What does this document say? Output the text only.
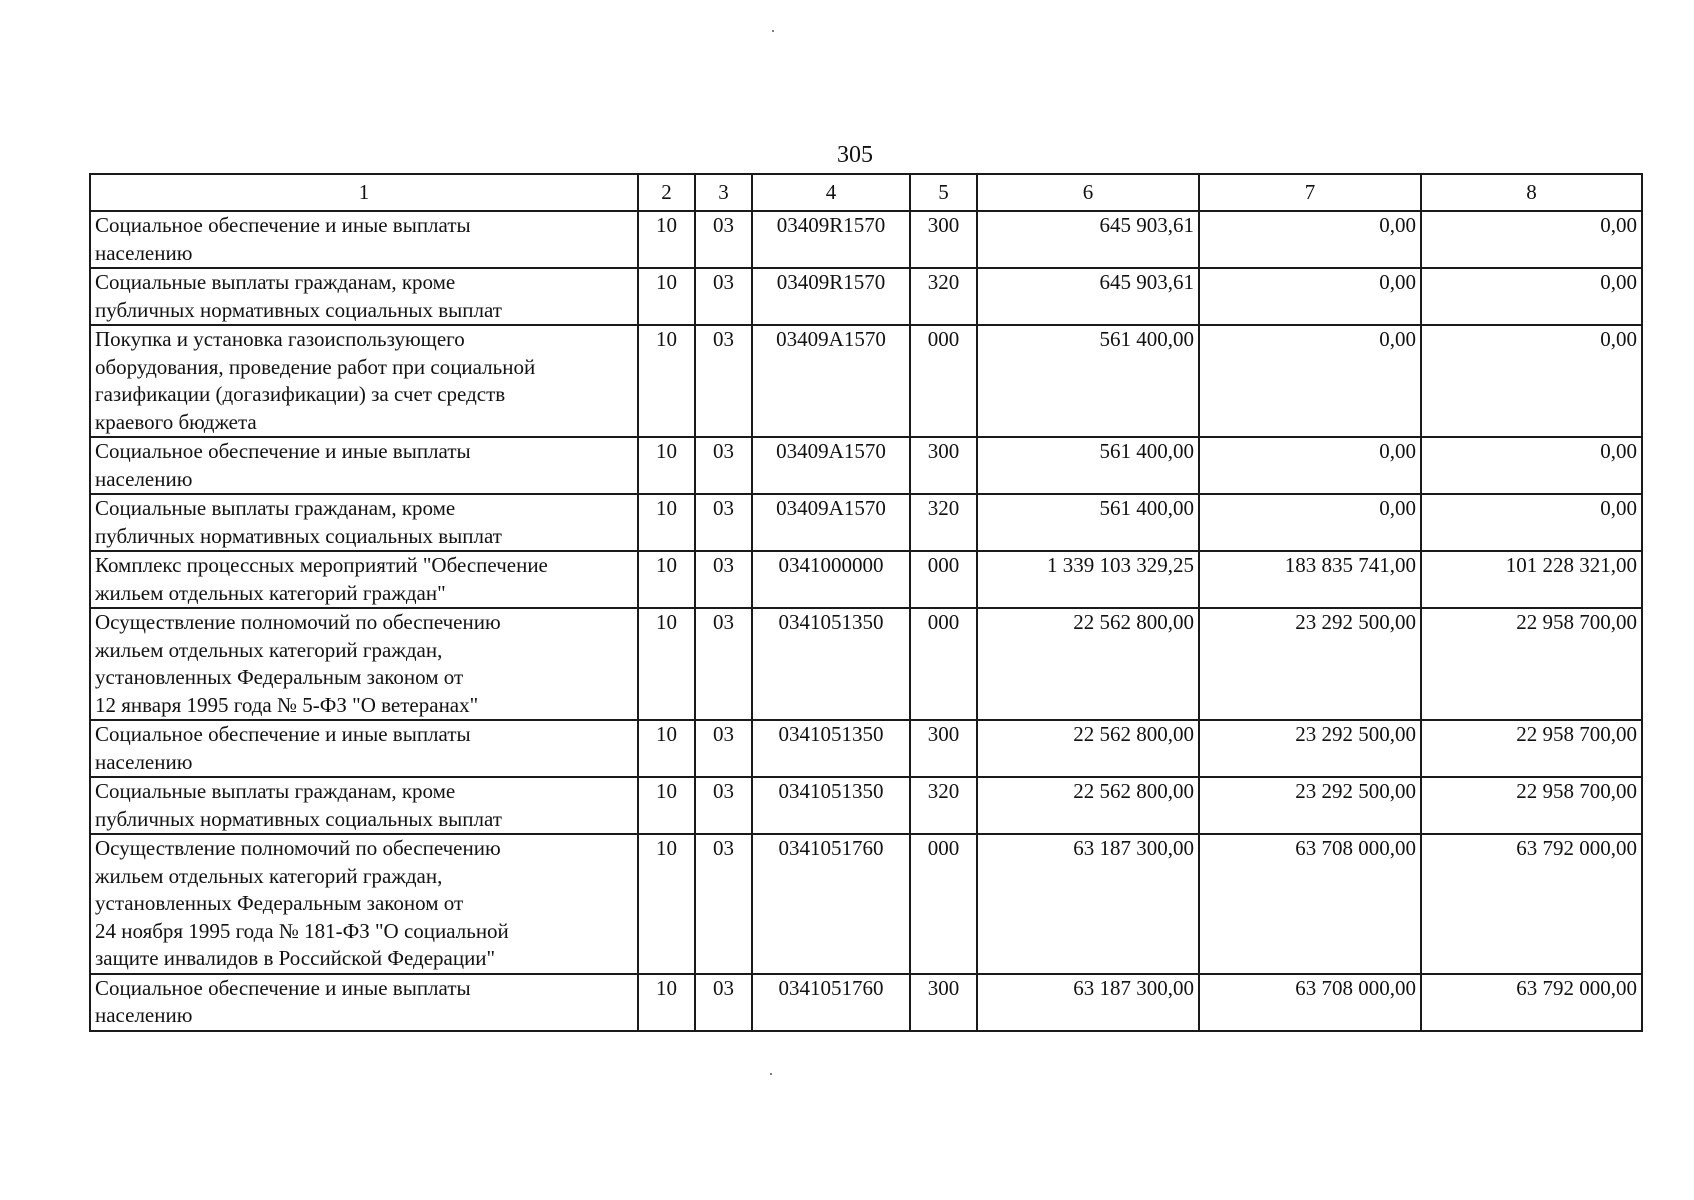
305
1	2	3	4	5	6	7	8

Социальное обеспечение и иные выплаты
населению	10	03	03409R1570	300	645 903,61	0,00	0,00

Социальные выплаты гражданам, кроме
публичных нормативных социальных выплат	10	03	03409R1570	320	645 903,61	0,00	0,00

Покупка и установка газоиспользующего
оборудования, проведение работ при социальной
газификации (догазификации) за счет средств
краевого бюджета	10	03	03409A1570	000	561 400,00	0,00	0,00

Социальное обеспечение и иные выплаты
населению	10	03	03409A1570	300	561 400,00	0,00	0,00

Социальные выплаты гражданам, кроме
публичных нормативных социальных выплат	10	03	03409A1570	320	561 400,00	0,00	0,00

Комплекс процессных мероприятий "Обеспечение
жильем отдельных категорий граждан"	10	03	0341000000	000	1 339 103 329,25	183 835 741,00	101 228 321,00

Осуществление полномочий по обеспечению
жильем отдельных категорий граждан,
установленных Федеральным законом от
12 января 1995 года № 5-ФЗ "О ветеранах"	10	03	0341051350	000	22 562 800,00	23 292 500,00	22 958 700,00

Социальное обеспечение и иные выплаты
населению	10	03	0341051350	300	22 562 800,00	23 292 500,00	22 958 700,00

Социальные выплаты гражданам, кроме
публичных нормативных социальных выплат	10	03	0341051350	320	22 562 800,00	23 292 500,00	22 958 700,00

Осуществление полномочий по обеспечению
жильем отдельных категорий граждан,
установленных Федеральным законом от
24 ноября 1995 года № 181-ФЗ "О социальной
защите инвалидов в Российской Федерации"	10	03	0341051760	000	63 187 300,00	63 708 000,00	63 792 000,00

Социальное обеспечение и иные выплаты
населению	10	03	0341051760	300	63 187 300,00	63 708 000,00	63 792 000,00
